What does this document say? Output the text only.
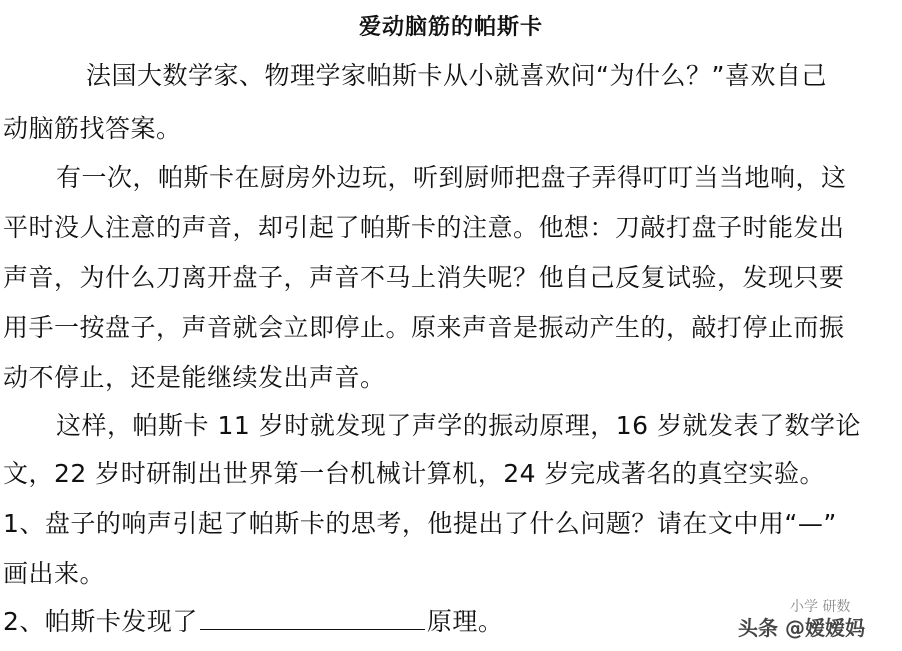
爱动脑筋的帕斯卡
法国大数学家、物理学家帕斯卡从小就喜欢问“为什么？”喜欢自己
动脑筋找答案。
有一次，帕斯卡在厨房外边玩，听到厨师把盘子弄得叮叮当当地响，这
平时没人注意的声音，却引起了帕斯卡的注意。他想：刀敲打盘子时能发出
声音，为什么刀离开盘子，声音不马上消失呢？他自己反复试验，发现只要
用手一按盘子，声音就会立即停止。原来声音是振动产生的，敲打停止而振
动不停止，还是能继续发出声音。
这样，帕斯卡 11 岁时就发现了声学的振动原理，16 岁就发表了数学论
文，22 岁时研制出世界第一台机械计算机，24 岁完成著名的真空实验。
1、盘子的响声引起了帕斯卡的思考，他提出了什么问题？请在文中用“—”
画出来。
2、帕斯卡发现了	原理。	小学 研数
头条 @嫒嫒妈
